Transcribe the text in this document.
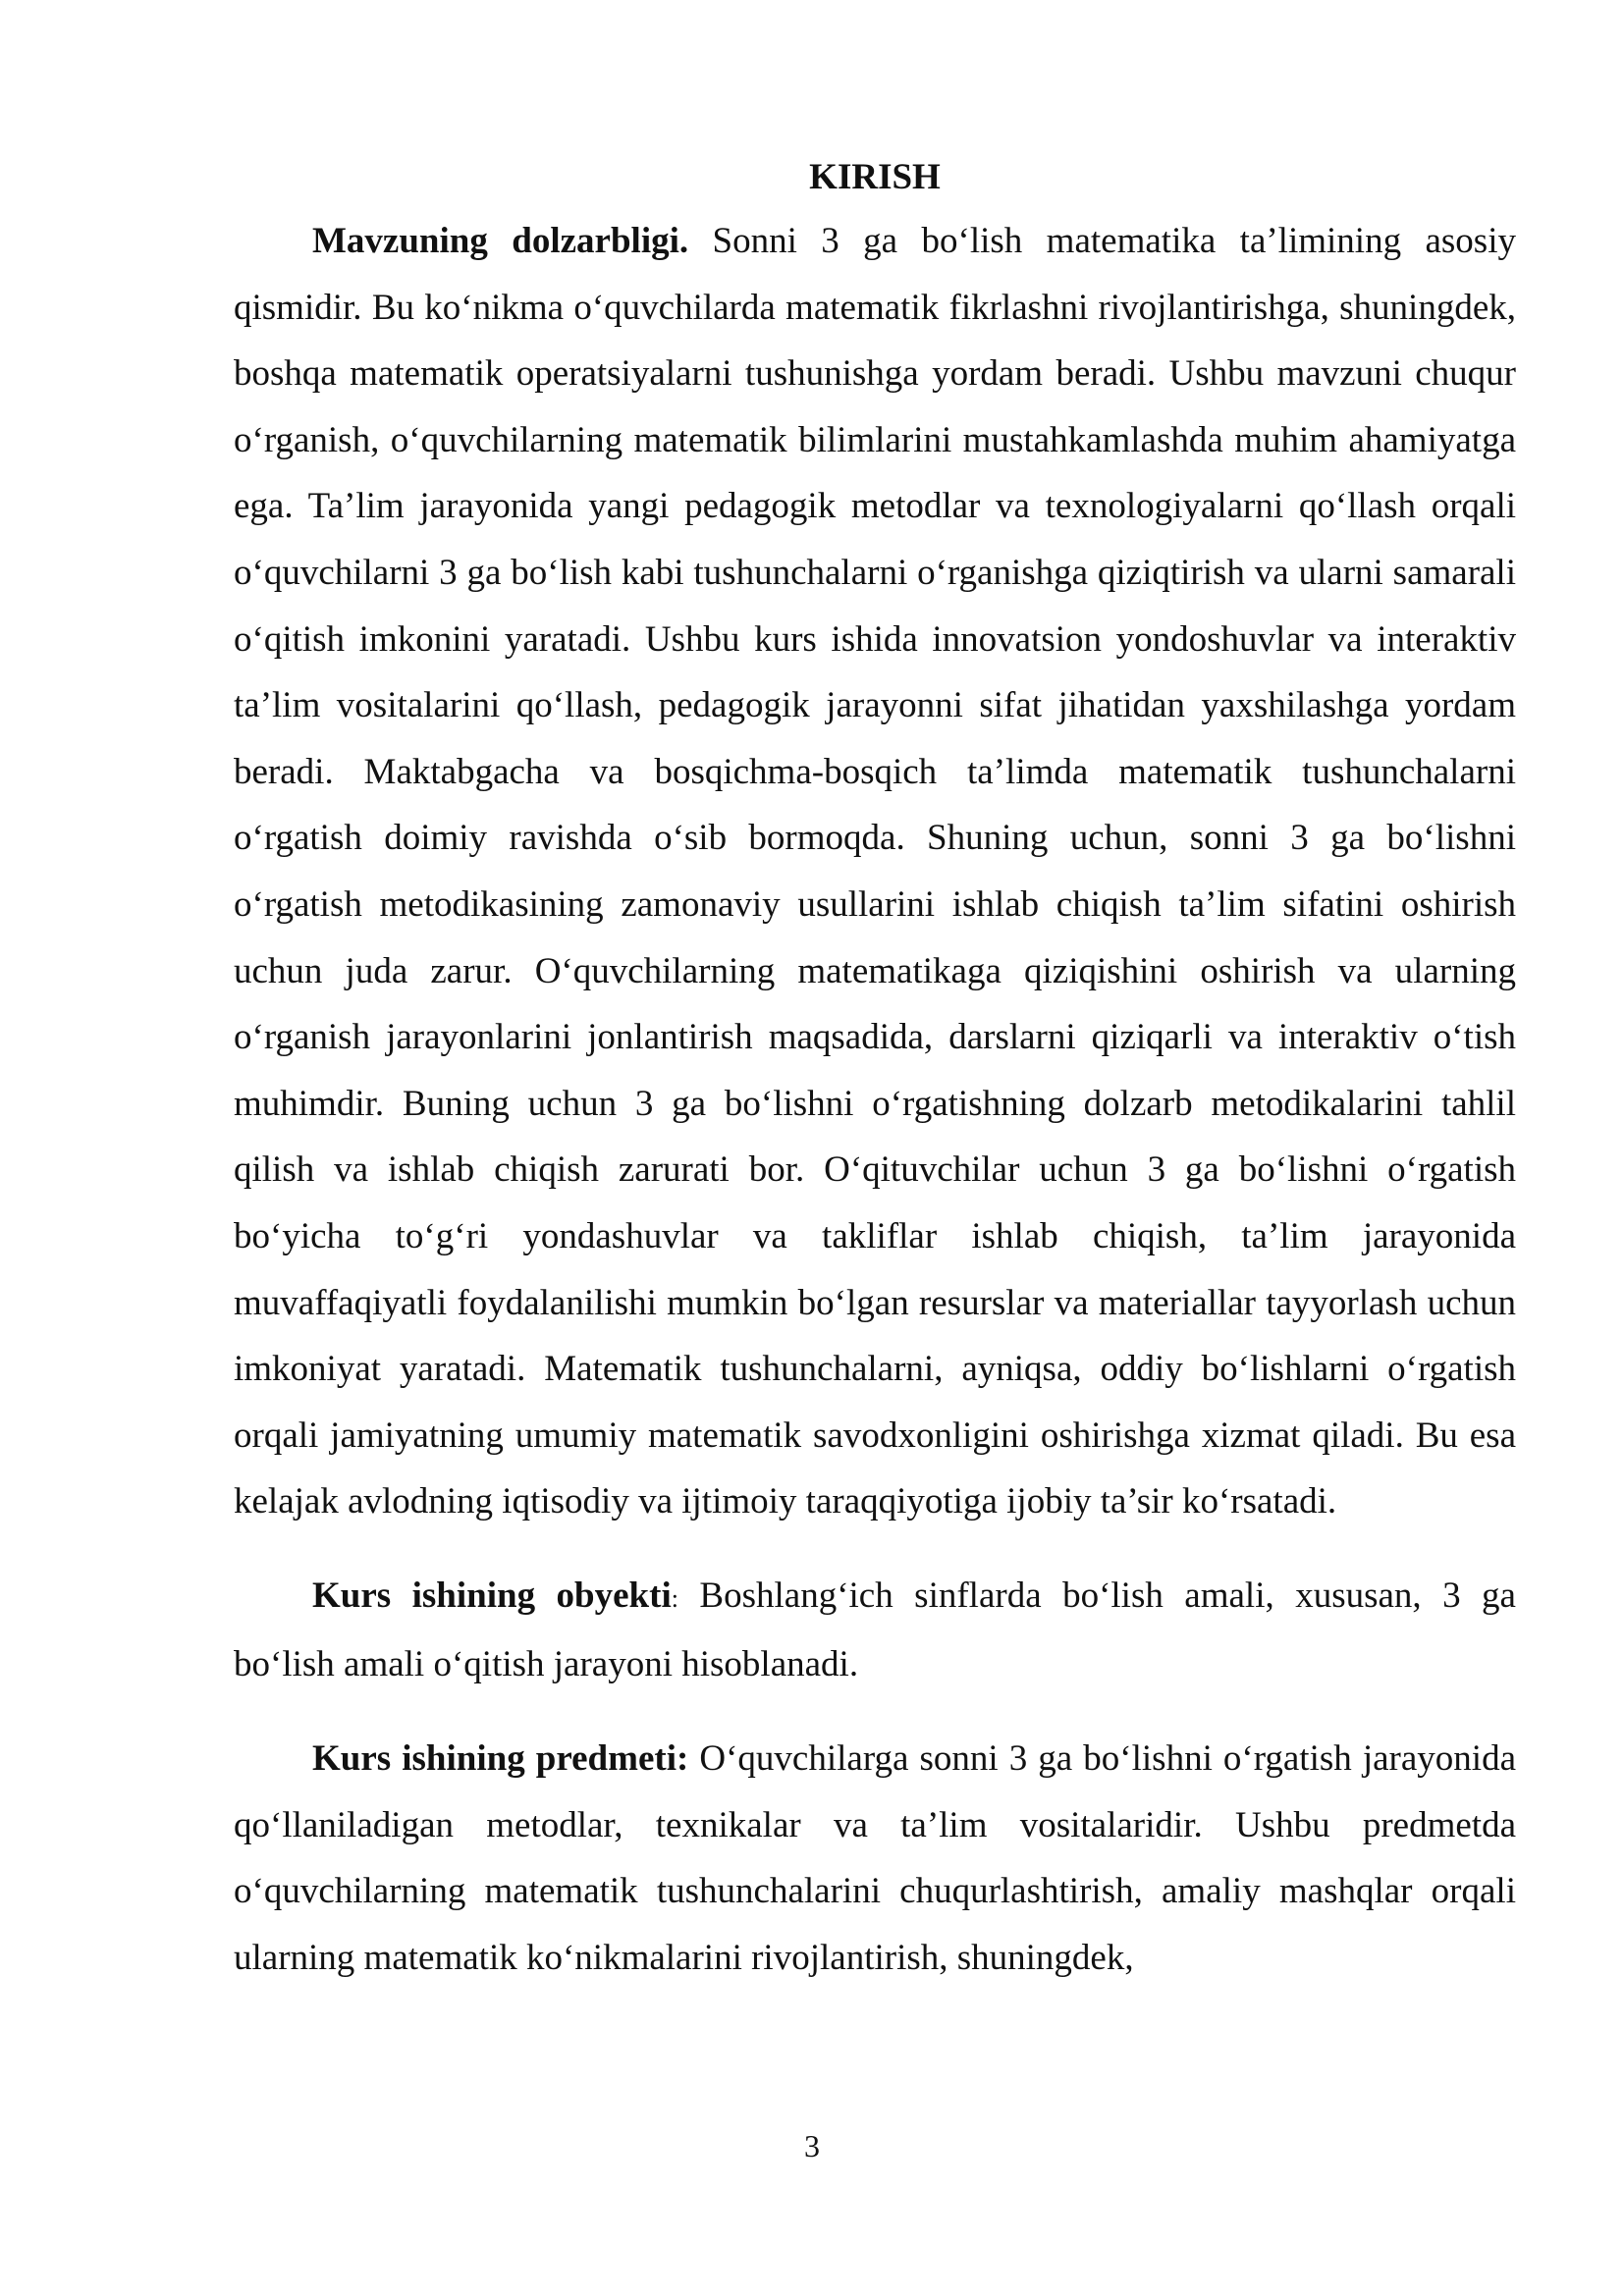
KIRISH

Mavzuning dolzarbligi. Sonni 3 ga bo‘lish matematika ta’limining asosiy qismidir. Bu ko‘nikma o‘quvchilarda matematik fikrlashni rivojlantirishga, shuningdek, boshqa matematik operatsiyalarni tushunishga yordam beradi. Ushbu mavzuni chuqur o‘rganish, o‘quvchilarning matematik bilimlarini mustahkamlashda muhim ahamiyatga ega. Ta’lim jarayonida yangi pedagogik metodlar va texnologiyalarni qo‘llash orqali o‘quvchilarni 3 ga bo‘lish kabi tushunchalarni o‘rganishga qiziqtirish va ularni samarali o‘qitish imkonini yaratadi. Ushbu kurs ishida innovatsion yondoshuvlar va interaktiv ta’lim vositalarini qo‘llash, pedagogik jarayonni sifat jihatidan yaxshilashga yordam beradi. Maktabgacha va bosqichma-bosqich ta’limda matematik tushunchalarni o‘rgatish doimiy ravishda o‘sib bormoqda. Shuning uchun, sonni 3 ga bo‘lishni o‘rgatish metodikasining zamonaviy usullarini ishlab chiqish ta’lim sifatini oshirish uchun juda zarur. O‘quvchilarning matematikaga qiziqishini oshirish va ularning o‘rganish jarayonlarini jonlantirish maqsadida, darslarni qiziqarli va interaktiv o‘tish muhimdir. Buning uchun 3 ga bo‘lishni o‘rgatishning dolzarb metodikalarini tahlil qilish va ishlab chiqish zarurati bor. O‘qituvchilar uchun 3 ga bo‘lishni o‘rgatish bo‘yicha to‘g‘ri yondashuvlar va takliflar ishlab chiqish, ta’lim jarayonida muvaffaqiyatli foydalanilishi mumkin bo‘lgan resurslar va materiallar tayyorlash uchun imkoniyat yaratadi. Matematik tushunchalarni, ayniqsa, oddiy bo‘lishlarni o‘rgatish orqali jamiyatning umumiy matematik savodxonligini oshirishga xizmat qiladi. Bu esa kelajak avlodning iqtisodiy va ijtimoiy taraqqiyotiga ijobiy ta’sir ko‘rsatadi.

Kurs ishining obyekti: Boshlang‘ich sinflarda bo‘lish amali, xususan, 3 ga bo‘lish amali o‘qitish jarayoni hisoblanadi.

Kurs ishining predmeti: O‘quvchilarga sonni 3 ga bo‘lishni o‘rgatish jarayonida qo‘llaniladigan metodlar, texnikalar va ta’lim vositalaridir. Ushbu predmetda o‘quvchilarning matematik tushunchalarini chuqurlashtirish, amaliy mashqlar orqali ularning matematik ko‘nikmalarini rivojlantirish, shuningdek,

3
